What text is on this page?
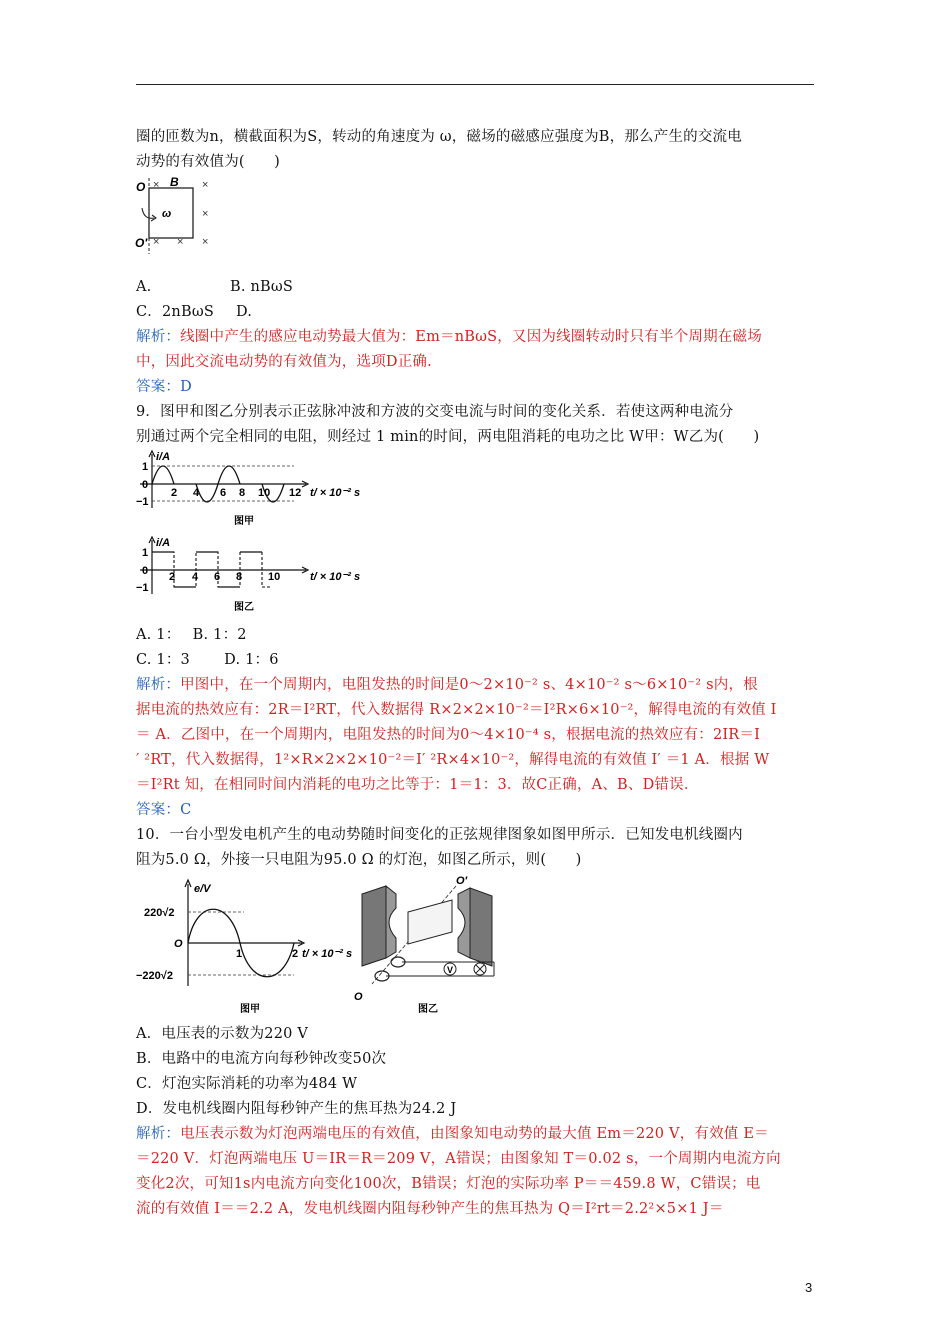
圈的匝数为n，横截面积为S，转动的角速度为 ω，磁场的磁感应强度为B，那么产生的交流电
动势的有效值为(　　)
O
O′
B
ω
×	×
×
× × ×
A.	B. nBωS
C．2nBωS D.
解析：线圈中产生的感应电动势最大值为：Em＝nBωS，又因为线圈转动时只有半个周期在磁场
中，因此交流电动势的有效值为，选项D正确.
答案：D
9．图甲和图乙分别表示正弦脉冲波和方波的交变电流与时间的变化关系．若使这两种电流分
别通过两个完全相同的电阻，则经过 1 min的时间，两电阻消耗的电功之比 W甲：W乙为(　　)
i/A
1
0
−1
2 4 6 8 10 12 t/ × 10⁻² s
图甲
i/A
1
0
−1
2 4 6 8 10	t/ × 10⁻² s
图乙
A. 1：　 B. 1：2
C. 1：3　　 D. 1：6
解析：甲图中，在一个周期内，电阻发热的时间是0～2×10⁻² s、4×10⁻² s～6×10⁻² s内，根
据电流的热效应有：2R＝I²RT，代入数据得 R×2×2×10⁻²＝I²R×6×10⁻²，解得电流的有效值 I
＝ A．乙图中，在一个周期内，电阻发热的时间为0～4×10⁻⁴ s，根据电流的热效应有：2IR＝I
′ ²RT，代入数据得，1²×R×2×2×10⁻²＝I′ ²R×4×10⁻²，解得电流的有效值 I′ ＝1 A．根据 W
＝I²Rt 知，在相同时间内消耗的电功之比等于：1＝1：3．故C正确，A、B、D错误．
答案：C
10．一台小型发电机产生的电动势随时间变化的正弦规律图象如图甲所示．已知发电机线圈内
阻为5.0 Ω，外接一只电阻为95.0 Ω 的灯泡，如图乙所示，则(　　)
e/V
220√2
O
−220√2
1	2 t/ × 10⁻² s
图甲
O′
V
O
图乙
A．电压表的示数为220 V
B．电路中的电流方向每秒钟改变50次
C．灯泡实际消耗的功率为484 W
D．发电机线圈内阻每秒钟产生的焦耳热为24.2 J
解析：电压表示数为灯泡两端电压的有效值，由图象知电动势的最大值 Em＝220 V，有效值 E＝
＝220 V．灯泡两端电压 U＝IR＝R＝209 V，A错误；由图象知 T＝0.02 s，一个周期内电流方向
变化2次，可知1s内电流方向变化100次，B错误；灯泡的实际功率 P＝＝459.8 W，C错误；电
流的有效值 I＝＝2.2 A，发电机线圈内阻每秒钟产生的焦耳热为 Q＝I²rt＝2.2²×5×1 J＝
3
